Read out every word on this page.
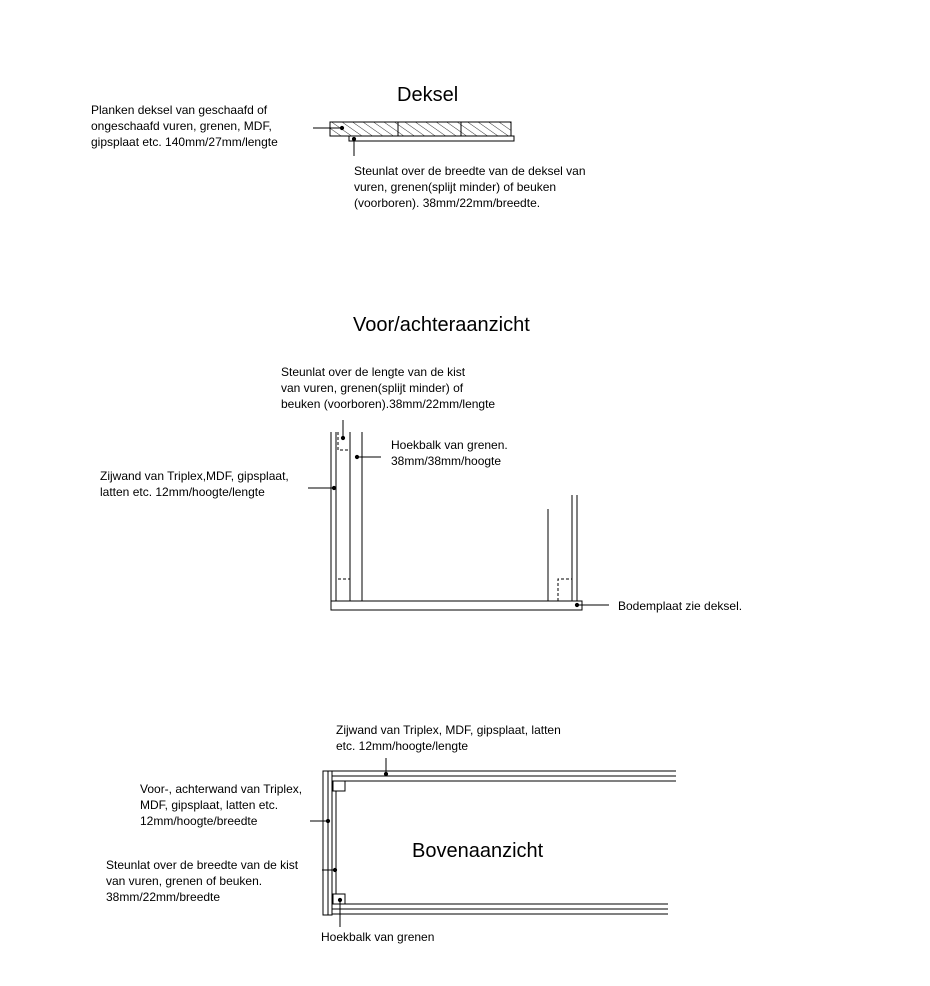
Deksel
Voor/achteraanzicht
Bovenaanzicht
Planken deksel van geschaafd of
ongeschaafd vuren, grenen, MDF,
gipsplaat etc. 140mm/27mm/lengte
Steunlat over de breedte van de deksel van
vuren, grenen(splijt minder) of beuken
(voorboren). 38mm/22mm/breedte.
Steunlat over de lengte van de kist
van vuren, grenen(splijt minder) of
beuken (voorboren).38mm/22mm/lengte
Hoekbalk van grenen.
38mm/38mm/hoogte
Zijwand van Triplex,MDF, gipsplaat,
latten etc. 12mm/hoogte/lengte
Bodemplaat zie deksel.
Zijwand van Triplex, MDF, gipsplaat, latten
etc. 12mm/hoogte/lengte
Voor-, achterwand van Triplex,
MDF, gipsplaat, latten etc.
12mm/hoogte/breedte
Steunlat over de breedte van de kist
van vuren, grenen of beuken.
38mm/22mm/breedte
Hoekbalk van grenen
